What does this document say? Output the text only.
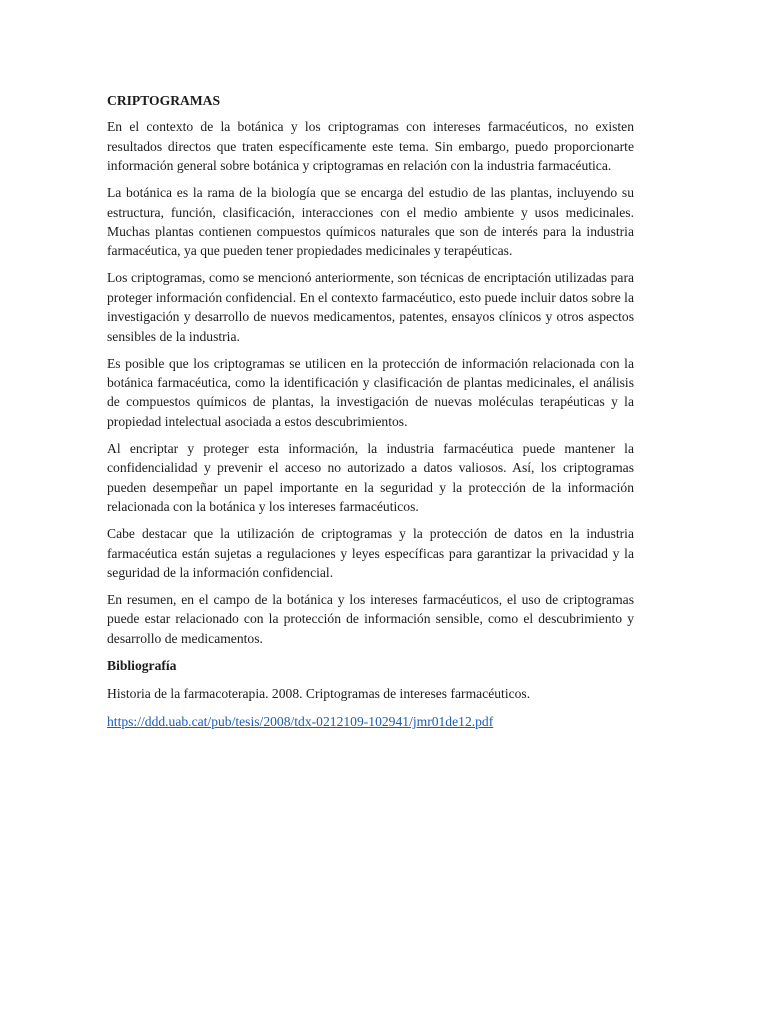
CRIPTOGRAMAS

En el contexto de la botánica y los criptogramas con intereses farmacéuticos, no existen resultados directos que traten específicamente este tema. Sin embargo, puedo proporcionarte información general sobre botánica y criptogramas en relación con la industria farmacéutica.

La botánica es la rama de la biología que se encarga del estudio de las plantas, incluyendo su estructura, función, clasificación, interacciones con el medio ambiente y usos medicinales. Muchas plantas contienen compuestos químicos naturales que son de interés para la industria farmacéutica, ya que pueden tener propiedades medicinales y terapéuticas.

Los criptogramas, como se mencionó anteriormente, son técnicas de encriptación utilizadas para proteger información confidencial. En el contexto farmacéutico, esto puede incluir datos sobre la investigación y desarrollo de nuevos medicamentos, patentes, ensayos clínicos y otros aspectos sensibles de la industria.

Es posible que los criptogramas se utilicen en la protección de información relacionada con la botánica farmacéutica, como la identificación y clasificación de plantas medicinales, el análisis de compuestos químicos de plantas, la investigación de nuevas moléculas terapéuticas y la propiedad intelectual asociada a estos descubrimientos.

Al encriptar y proteger esta información, la industria farmacéutica puede mantener la confidencialidad y prevenir el acceso no autorizado a datos valiosos. Así, los criptogramas pueden desempeñar un papel importante en la seguridad y la protección de la información relacionada con la botánica y los intereses farmacéuticos.

Cabe destacar que la utilización de criptogramas y la protección de datos en la industria farmacéutica están sujetas a regulaciones y leyes específicas para garantizar la privacidad y la seguridad de la información confidencial.

En resumen, en el campo de la botánica y los intereses farmacéuticos, el uso de criptogramas puede estar relacionado con la protección de información sensible, como el descubrimiento y desarrollo de medicamentos.

Bibliografía
Historia de la farmacoterapia. 2008. Criptogramas de intereses farmacéuticos.
https://ddd.uab.cat/pub/tesis/2008/tdx-0212109-102941/jmr01de12.pdf
